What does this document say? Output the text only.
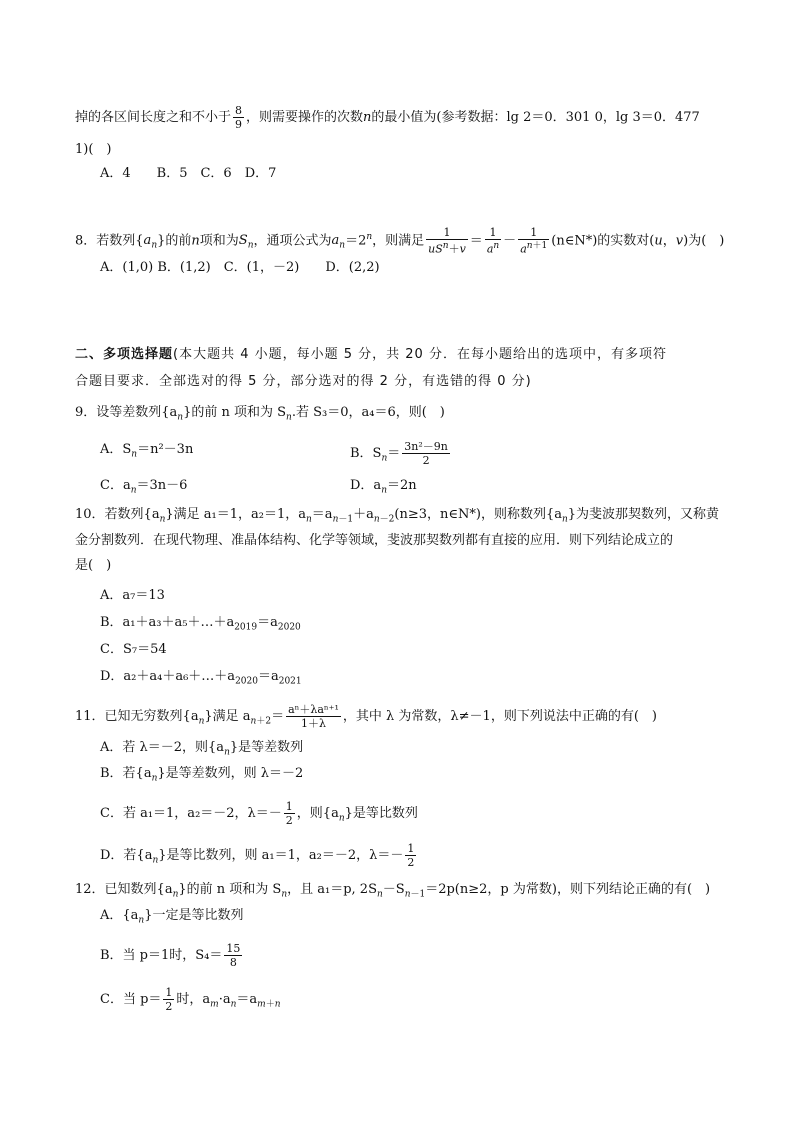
掉的各区间长度之和不小于 $\frac{8}{9}$ ，则需要操作的次数n的最小值为(参考数据：lg 2＝0．301 0，lg 3＝0．477
1)(　)
A．4　　B．5　C．6　D．7
8．若数列$\{a_n\}$的前n项和为$S_n$，通项公式为$a_n=2^n$，则满足 $\frac{1}{uS^n+v} = \frac{1}{a^n} - \frac{1}{a^{n+1}}$ (n∈N*)的实数对(u，v)为(　)
A．(1,0) B．(1,2)　C．(1，－2)　　D．(2,2)
二、多项选择题(本大题共 4 小题，每小题 5 分，共 20 分．在每小题给出的选项中，有多项符
合题目要求．全部选对的得 5 分，部分选对的得 2 分，有选错的得 0 分)
9．设等差数列$\{a_n\}$的前 n 项和为 $S_n$.若 S₃＝0，a₄＝6，则(　)
A．$S_n=n^2-3n$	B．$S_n= \frac{\text{3n²－9n}}{2}$
C．$a_n=3n-6$	D．$a_n=2n$
10．若数列$\{a_n\}$满足 a₁＝1，a₂＝1，$a_n=a_{n-1}+a_{n-2}(n\ge 3$，n∈N*)，则称数列$\{a_n\}$为斐波那契数列，又称黄
金分割数列．在现代物理、准晶体结构、化学等领域，斐波那契数列都有直接的应用．则下列结论成立的
是(　)
A．a₇＝13
B．$a_1+a_3+a_5+\dots+a_{2019}=a_{2020}$
C．S₇＝54
D．$a_2+a_4+a_6+\dots+a_{2020}=a_{2021}$
11．已知无穷数列$\{a_n\}$满足 $a_{n+2}= \frac{\text{aⁿ＋λaⁿ⁺¹}}{1+\lambda}$ ，其中 λ 为常数，λ≠－1，则下列说法中正确的有(　)
A．若 λ＝－2，则$\{a_n\}$是等差数列
B．若$\{a_n\}$是等差数列，则 λ＝－2
C．若 a₁＝1，a₂＝－2，$\lambda=- \frac{1}{2}$ ，则$\{a_n\}$是等比数列
D．若$\{a_n\}$是等比数列，则 a₁＝1，a₂＝－2，$\lambda=- \frac{1}{2}$
12．已知数列$\{a_n\}$的前 n 项和为 $S_n$，且 a₁＝p, $2S_n-S_{n-1}=2p(n\ge 2$，p 为常数)，则下列结论正确的有(　)
A．$\{a_n\}$一定是等比数列
B．当 p＝1时，$S_4= \frac{15}{8}$
C．当 $p= \frac{1}{2}$ 时，$a_m\cdot a_n=a_{m+n}$
